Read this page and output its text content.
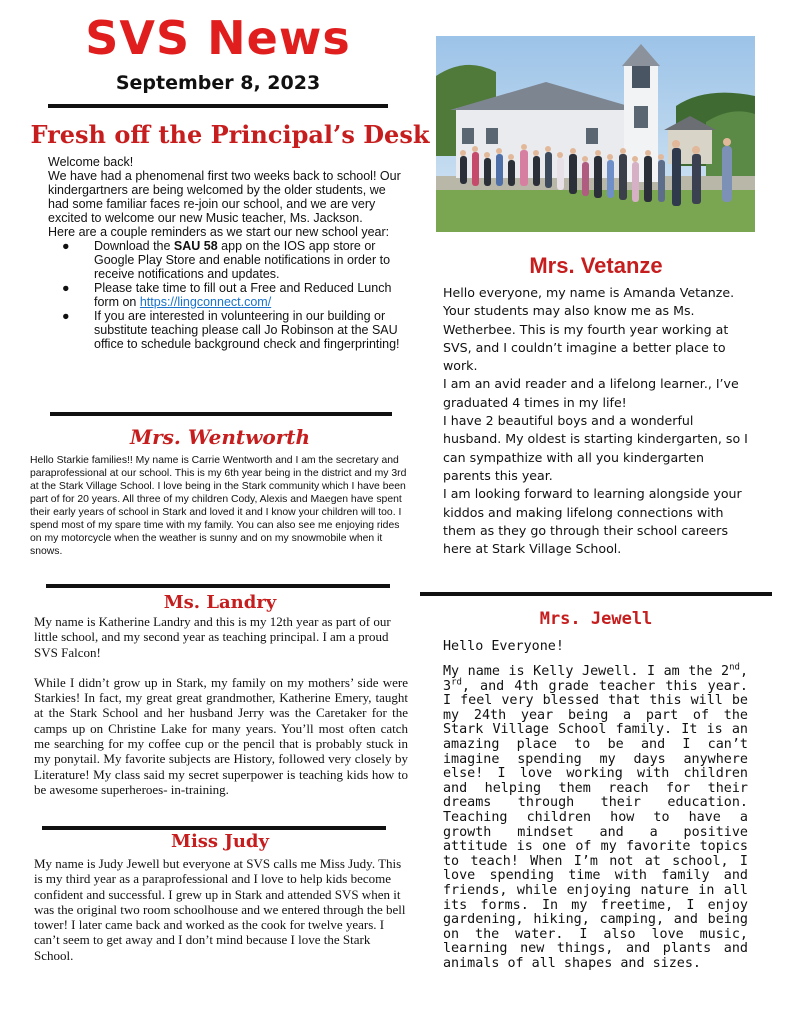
SVS News
September 8, 2023
Fresh off the Principal’s Desk

Welcome back!

We have had a phenomenal first two weeks back to school! Our kindergartners are being welcomed by the older students, we had some familiar faces re-join our school, and we are very excited to welcome our new Music teacher, Ms. Jackson.

Here are a couple reminders as we start our new school year:

● Download the SAU 58 app on the IOS app store or Google Play Store and enable notifications in order to receive notifications and updates.
● Please take time to fill out a Free and Reduced Lunch form on https://lingconnect.com/
● If you are interested in volunteering in our building or substitute teaching please call Jo Robinson at the SAU office to schedule background check and fingerprinting!
Mrs. Wentworth
Hello Starkie families!! My name is Carrie Wentworth and I am the secretary and paraprofessional at our school. This is my 6th year being in the district and my 3rd at the Stark Village School. I love being in the Stark community which I have been part of for 20 years. All three of my children Cody, Alexis and Maegen have spent their early years of school in Stark and loved it and I know your children will too. I spend most of my spare time with my family. You can also see me enjoying rides on my motorcycle when the weather is sunny and on my snowmobile when it snows.
Ms. Landry

My name is Katherine Landry and this is my 12th year as part of our little school, and my second year as teaching principal. I am a proud SVS Falcon!

While I didn’t grow up in Stark, my family on my mothers’ side were Starkies! In fact, my great great grandmother, Katherine Emery, taught at the Stark School and her husband Jerry was the Caretaker for the camps up on Christine Lake for many years. You’ll most often catch me searching for my coffee cup or the pencil that is probably stuck in my ponytail. My favorite subjects are History, followed very closely by Literature! My class said my secret superpower is teaching kids how to be awesome superheroes- in-training.

Miss Judy
My name is Judy Jewell but everyone at SVS calls me Miss Judy. This is my third year as a paraprofessional and I love to help kids become confident and successful. I grew up in Stark and attended SVS when it was the original two room schoolhouse and we entered through the bell tower! I later came back and worked as the cook for twelve years. I can’t seem to get away and I don’t mind because I love the Stark School.
Mrs. Vetanze

Hello everyone, my name is Amanda Vetanze. Your students may also know me as Ms. Wetherbee. This is my fourth year working at SVS, and I couldn’t imagine a better place to work.

I am an avid reader and a lifelong learner., I’ve graduated 4 times in my life!

I have 2 beautiful boys and a wonderful husband. My oldest is starting kindergarten, so I can sympathize with all you kindergarten parents this year.

I am looking forward to learning alongside your kiddos and making lifelong connections with them as they go through their school careers here at Stark Village School.

Mrs. Jewell
Hello Everyone!
My name is Kelly Jewell. I am the 2nd, 3rd, and 4th grade teacher this year. I feel very blessed that this will be my 24th year being a part of the Stark Village School family. It is an amazing place to be and I can’t imagine spending my days anywhere else! I love working with children and helping them reach for their dreams through their education. Teaching children how to have a growth mindset and a positive attitude is one of my favorite topics to teach! When I’m not at school, I love spending time with family and friends, while enjoying nature in all its forms. In my freetime, I enjoy gardening, hiking, camping, and being on the water. I also love music, learning new things, and plants and animals of all shapes and sizes.
